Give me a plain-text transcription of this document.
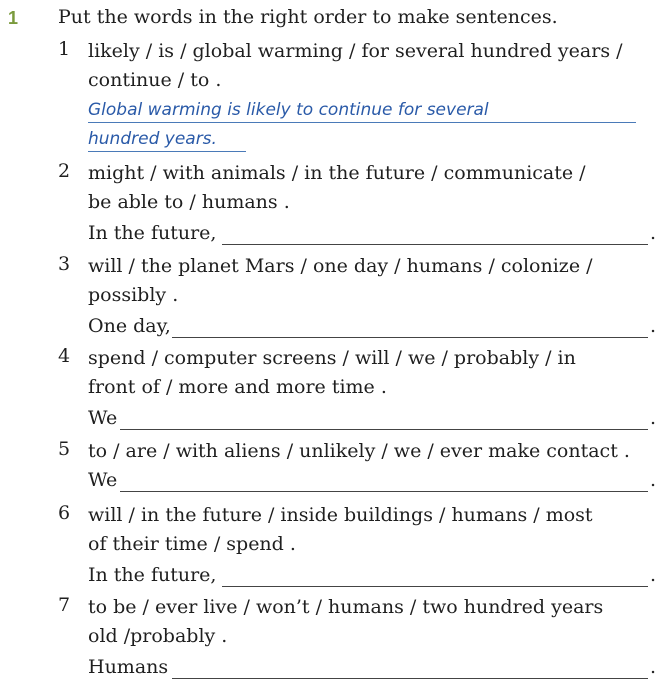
1 Put the words in the right order to make sentences.
1 likely / is / global warming / for several hundred years /
continue / to .
Global warming is likely to continue for several
hundred years.
2 might / with animals / in the future / communicate /
be able to / humans .
In the future,	.
3 will / the planet Mars / one day / humans / colonize /
possibly .
One day,	.
4 spend / computer screens / will / we / probably / in
front of / more and more time .
We	.
5 to / are / with aliens / unlikely / we / ever make contact .
We	.
6 will / in the future / inside buildings / humans / most
of their time / spend .
In the future,	.
7 to be / ever live / won’t / humans / two hundred years
old /probably .
Humans	.
